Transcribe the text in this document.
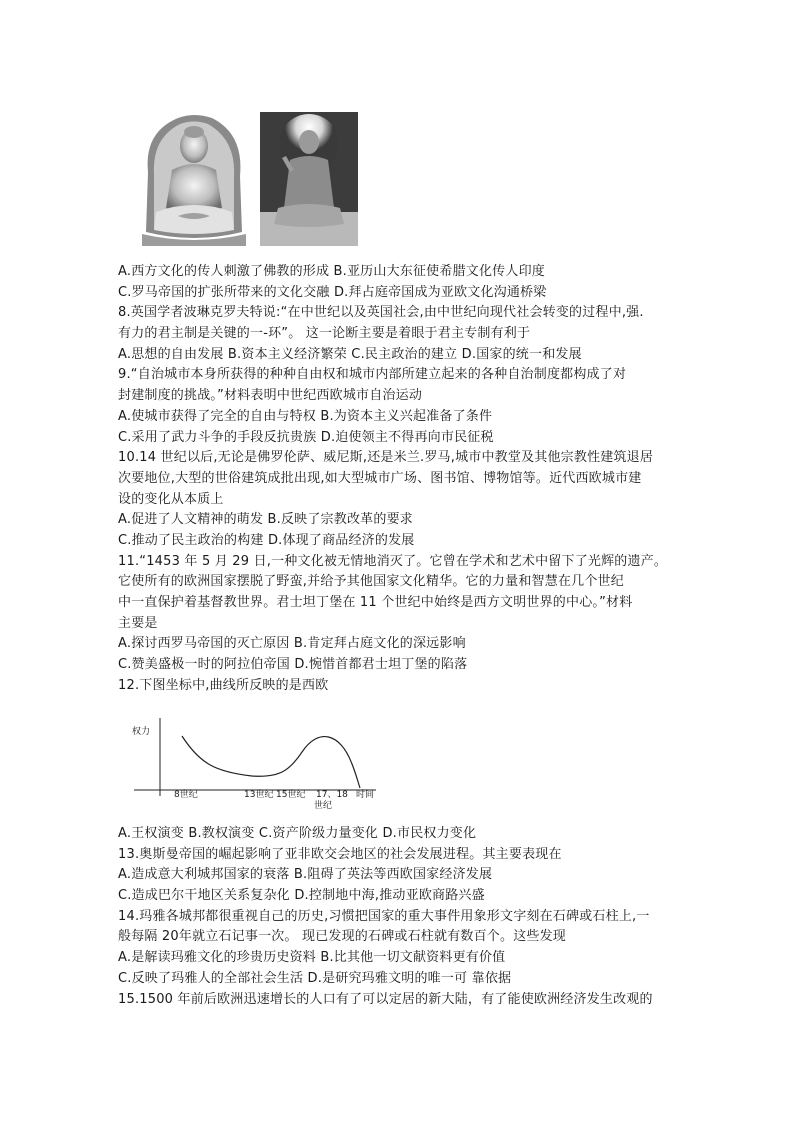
A.西方文化的传人刺激了佛教的形成 B.亚历山大东征使希腊文化传人印度
C.罗马帝国的扩张所带来的文化交融 D.拜占庭帝国成为亚欧文化沟通桥梁
8.英国学者波琳克罗夫特说:“在中世纪以及英国社会,由中世纪向现代社会转变的过程中,强.
有力的君主制是关键的一-环”。 这一论断主要是着眼于君主专制有利于
A.思想的自由发展 B.资本主义经济繁荣 C.民主政治的建立 D.国家的统一和发展
9.“自治城市本身所获得的种种自由权和城市内部所建立起来的各种自治制度都构成了对
封建制度的挑战。”材料表明中世纪西欧城市自治运动
A.使城市获得了完全的自由与特权 B.为资本主义兴起准备了条件
C.采用了武力斗争的手段反抗贵族 D.迫使领主不得再向市民征税
10.14 世纪以后,无论是佛罗伦萨、威尼斯,还是米兰.罗马,城市中教堂及其他宗教性建筑退居
次要地位,大型的世俗建筑成批出现,如大型城市广场、图书馆、博物馆等。近代西欧城市建
设的变化从本质上
A.促进了人文精神的萌发 B.反映了宗教改革的要求
C.推动了民主政治的构建 D.体现了商品经济的发展
11.“1453 年 5 月 29 日,一种文化被无情地消灭了。它曾在学术和艺术中留下了光辉的遗产。
它使所有的欧洲国家摆脱了野蛮,并给予其他国家文化精华。它的力量和智慧在几个世纪
中一直保护着基督教世界。君士坦丁堡在 11 个世纪中始终是西方文明世界的中心。”材料
主要是
A.探讨西罗马帝国的灭亡原因 B.肯定拜占庭文化的深远影响
C.赞美盛极一时的阿拉伯帝国 D.惋惜首都君士坦丁堡的陷落
12.下图坐标中,曲线所反映的是西欧
权力
8世纪	13世纪 15世纪 17、18
世纪
时间
A.王权演变 B.教权演变 C.资产阶级力量变化 D.市民权力变化
13.奥斯曼帝国的崛起影响了亚非欧交会地区的社会发展进程。其主要表现在
A.造成意大利城邦国家的衰落 B.阻碍了英法等西欧国家经济发展
C.造成巴尔干地区关系复杂化 D.控制地中海,推动亚欧商路兴盛
14.玛雅各城邦都很重视自己的历史,习惯把国家的重大事件用象形文字刻在石碑或石柱上,一
般每隔 20年就立石记事一次。 现已发现的石碑或石柱就有数百个。这些发现
A.是解读玛雅文化的珍贵历史资料 B.比其他一切文献资料更有价值
C.反映了玛雅人的全部社会生活 D.是研究玛雅文明的唯一可 靠依据
15.1500 年前后欧洲迅速增长的人口有了可以定居的新大陆，有了能使欧洲经济发生改观的
